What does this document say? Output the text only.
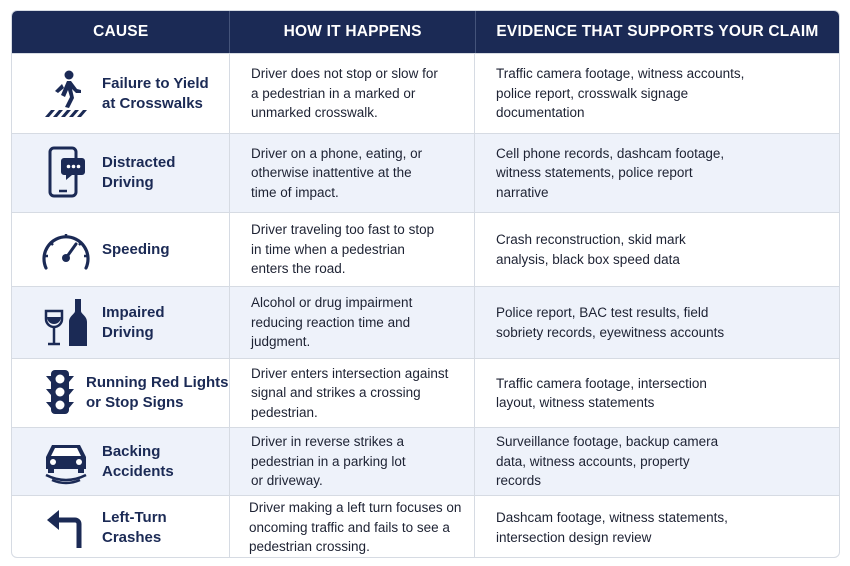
CAUSE	HOW IT HAPPENS	EVIDENCE THAT SUPPORTS YOUR CLAIM
Failure to Yield
at Crosswalks
Driver does not stop or slow for
a pedestrian in a marked or
unmarked crosswalk.
Traffic camera footage, witness accounts,
police report, crosswalk signage
documentation
Distracted
Driving
Driver on a phone, eating, or
otherwise inattentive at the
time of impact.
Cell phone records, dashcam footage,
witness statements, police report
narrative
Speeding
Driver traveling too fast to stop
in time when a pedestrian
enters the road.
Crash reconstruction, skid mark
analysis, black box speed data
Impaired
Driving
Alcohol or drug impairment
reducing reaction time and
judgment.
Police report, BAC test results, field
sobriety records, eyewitness accounts
Running Red Lights
or Stop Signs
Driver enters intersection against
signal and strikes a crossing
pedestrian.
Traffic camera footage, intersection
layout, witness statements
Backing
Accidents
Driver in reverse strikes a
pedestrian in a parking lot
or driveway.
Surveillance footage, backup camera
data, witness accounts, property
records
Left-Turn
Crashes
Driver making a left turn focuses on
oncoming traffic and fails to see a
pedestrian crossing.
Dashcam footage, witness statements,
intersection design review
